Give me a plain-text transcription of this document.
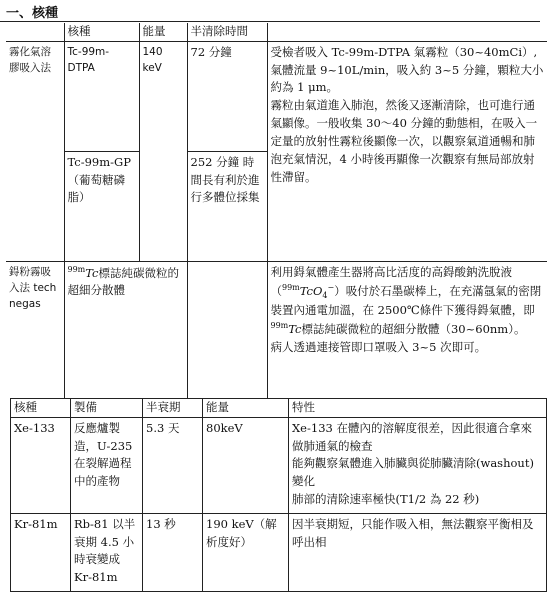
一、核種
	核種	能量	半清除時間	
霧化氣溶膠吸入法	Tc-99m-DTPA	140 keV	72 分鐘	受檢者吸入 Tc-99m-DTPA 氣霧粒（30~40mCi）,氣體流量 9~10L/min，吸入約 3~5 分鐘，顆粒大小約為 1 μm。

霧粒由氣道進入肺泡，然後又逐漸清除，也可進行通氣顯像。一般收集 30～40 分鐘的動態相，在吸入一定量的放射性霧粒後顯像一次，以觀察氣道通暢和肺泡充氣情況，4 小時後再顯像一次觀察有無局部放射性滯留。

	Tc-99m-GP（葡萄糖磷脂）		252 分鐘 時間長有利於進行多體位採集	
鍀粉霧吸入法 technegas	$^{99m}$Tc標誌純碳微粒的超細分散體			利用鍀氣體產生器將高比活度的高鍀酸鈉洗脫液（$^{99m}$TcO$_4$−）吸付於石墨碳棒上，在充滿氬氣的密閉裝置內通電加溫，在 2500℃條件下獲得鍀氣體，即$^{99m}$Tc標誌純碳微粒的超細分散體（30~60nm）。

病人透過連接管即口罩吸入 3~5 次即可。

核種	製備	半衰期	能量	特性
Xe-133	反應爐製造，U-235 在裂解過程中的產物	5.3 天	80keV	Xe-133 在體內的溶解度很差，因此很適合拿來做肺通氣的檢查

能夠觀察氣體進入肺臟與從肺臟清除(washout)變化

肺部的清除速率極快(T1/2 為 22 秒)

Kr-81m	Rb-81 以半衰期 4.5 小時衰變成 Kr-81m	13 秒	190 keV（解析度好）	因半衰期短，只能作吸入相，無法觀察平衡相及呼出相
